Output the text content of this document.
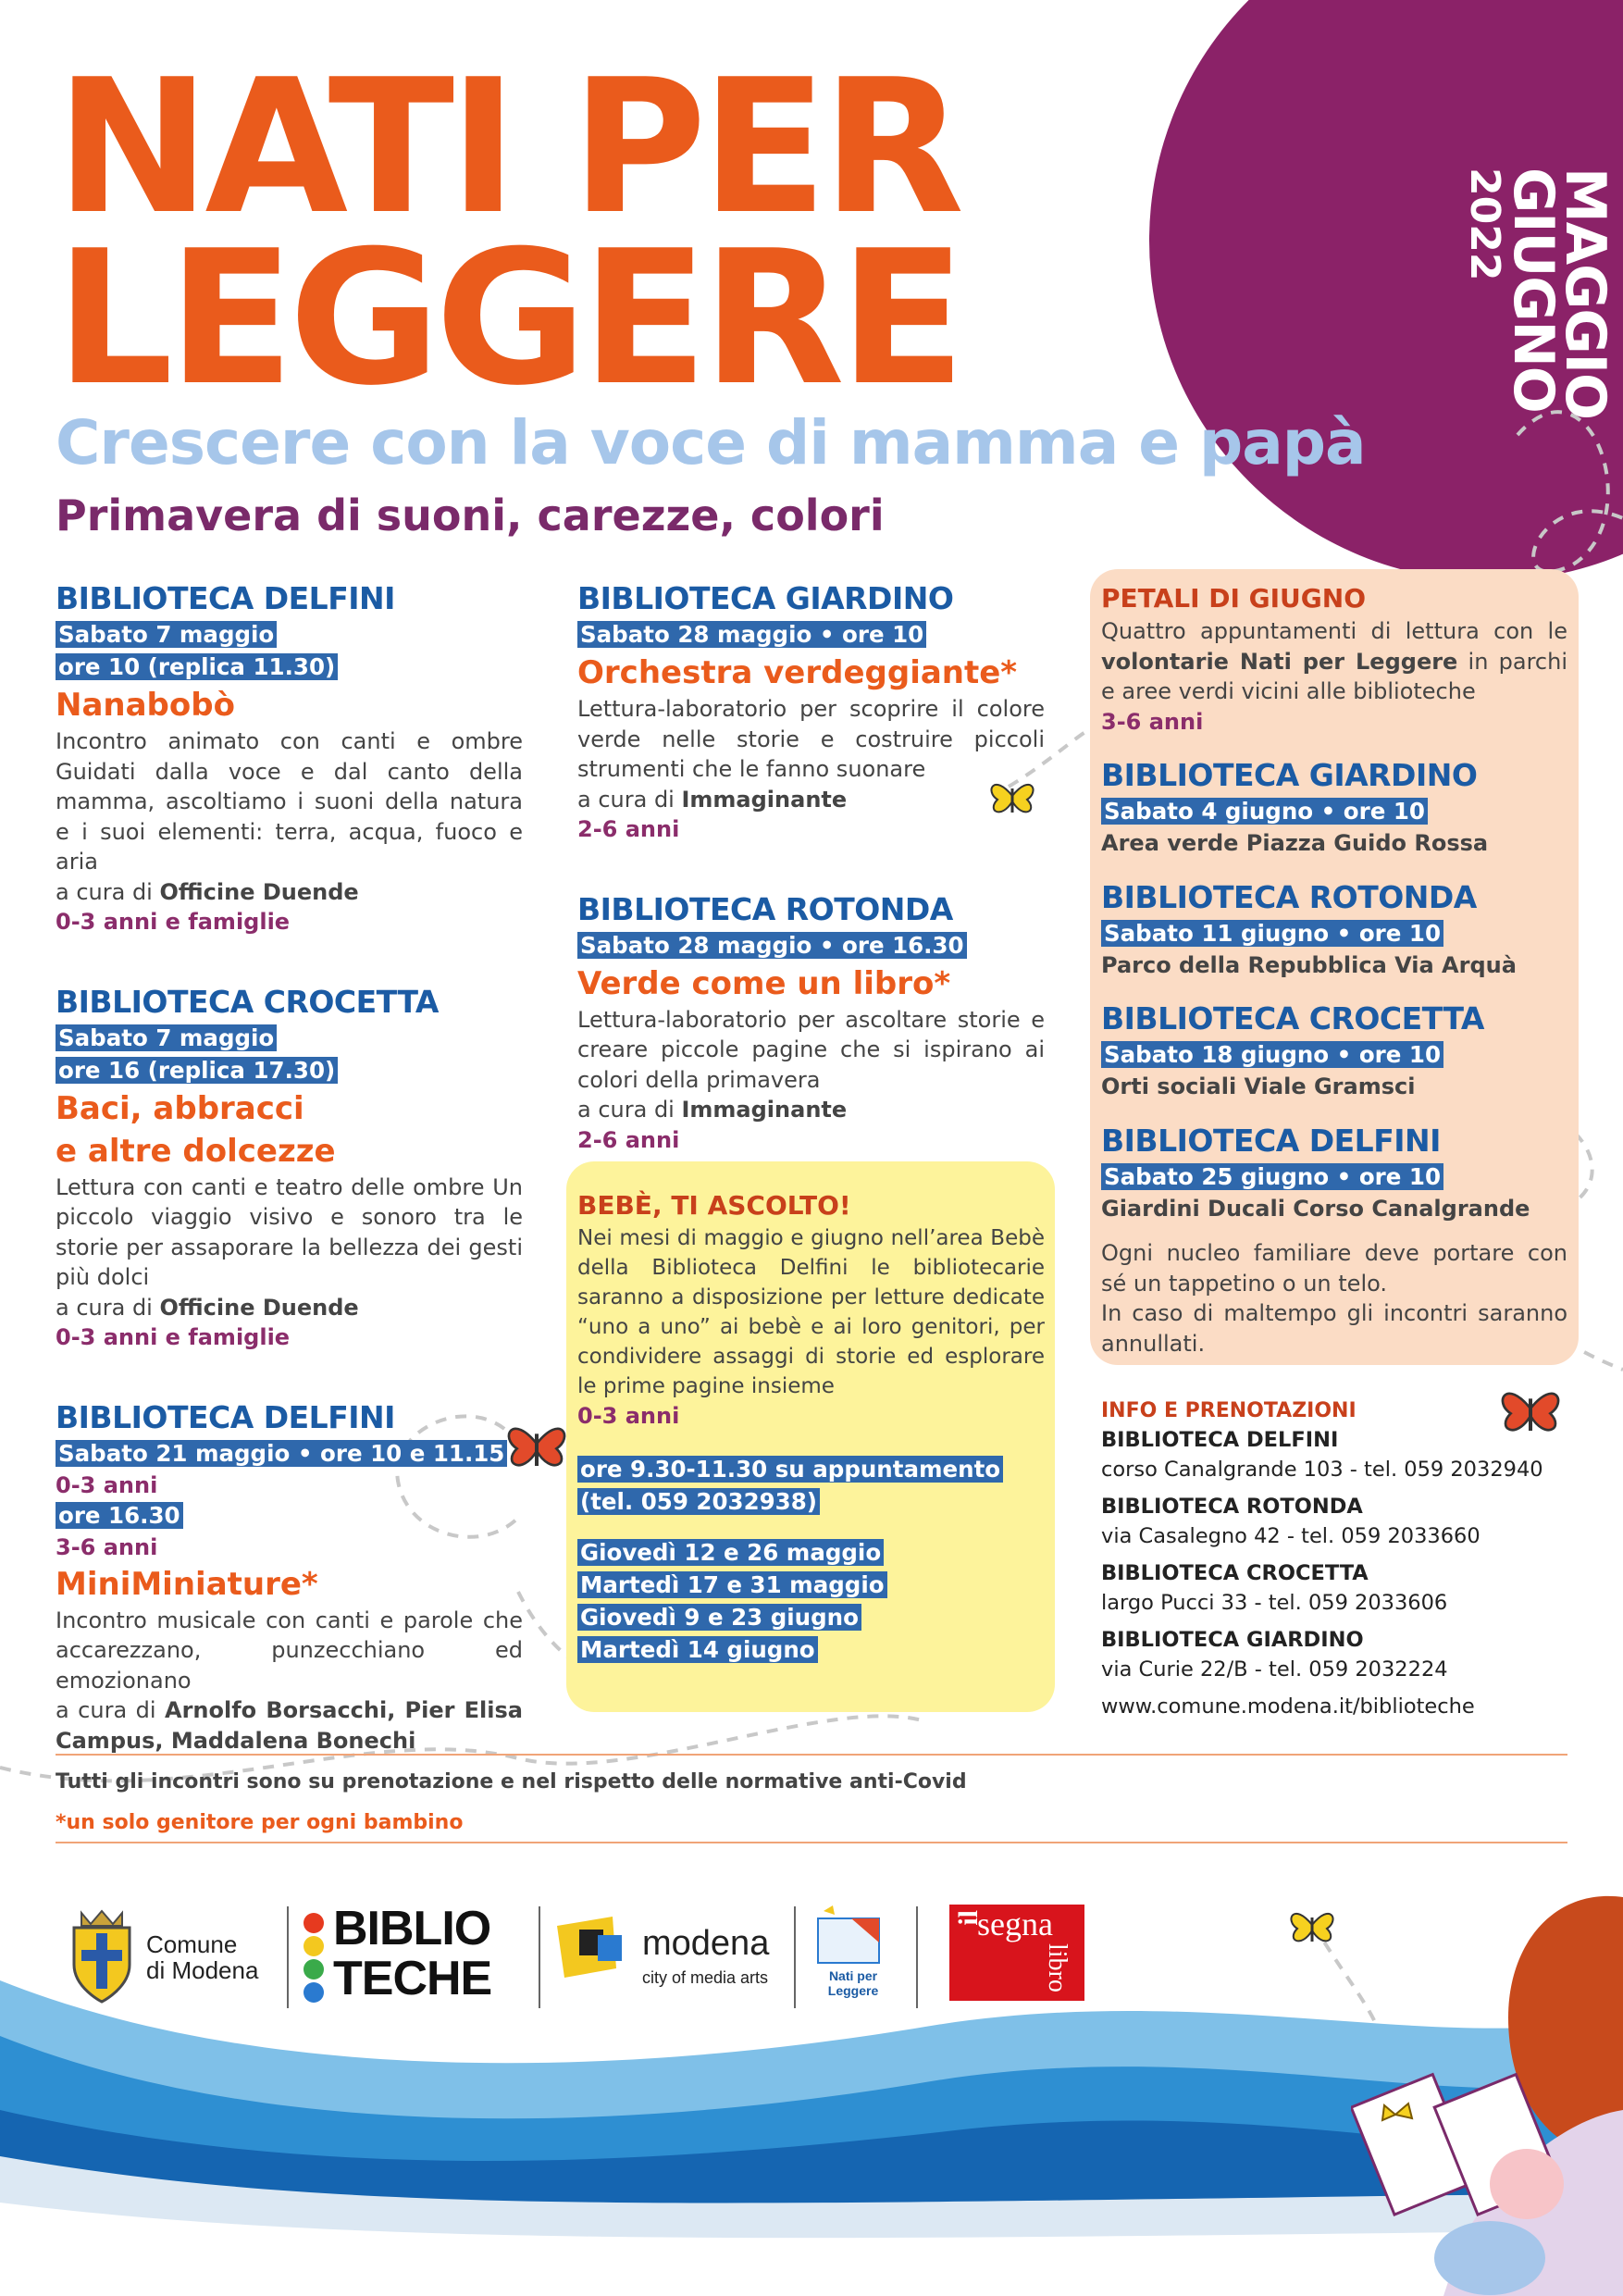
MAGGIO
GIUGNO
2022
NATI PER
LEGGERE
Crescere con la voce di mamma e papà
Primavera di suoni, carezze, colori
BIBLIOTECA DELFINI
Sabato 7 maggio
ore 10 (replica 11.30)
Nanabobò
Incontro animato con canti e ombre Guidati dalla voce e dal canto della mamma, ascoltiamo i suoni della natura e i suoi elementi: terra, acqua, fuoco e aria
a cura di Officine Duende
0-3 anni e famiglie
BIBLIOTECA CROCETTA
Sabato 7 maggio
ore 16 (replica 17.30)
Baci, abbracci
e altre dolcezze
Lettura con canti e teatro delle ombre Un piccolo viaggio visivo e sonoro tra le storie per assaporare la bellezza dei gesti più dolci
a cura di Officine Duende
0-3 anni e famiglie
BIBLIOTECA DELFINI
Sabato 21 maggio • ore 10 e 11.15
0-3 anni
ore 16.30
3-6 anni
MiniMiniature*
Incontro musicale con canti e parole che accarezzano, punzecchiano ed emozionano
a cura di Arnolfo Borsacchi, Pier Elisa Campus, Maddalena Bonechi
BIBLIOTECA GIARDINO
Sabato 28 maggio • ore 10
Orchestra verdeggiante*
Lettura-laboratorio per scoprire il colore verde nelle storie e costruire piccoli strumenti che le fanno suonare
a cura di Immaginante
2-6 anni
BIBLIOTECA ROTONDA
Sabato 28 maggio • ore 16.30
Verde come un libro*
Lettura-laboratorio per ascoltare storie e creare piccole pagine che si ispirano ai colori della primavera
a cura di Immaginante
2-6 anni
BEBÈ, TI ASCOLTO!
Nei mesi di maggio e giugno nell’area Bebè della Biblioteca Delfini le bibliotecarie saranno a disposizione per letture dedicate “uno a uno” ai bebè e ai loro genitori, per condividere assaggi di storie ed esplorare le prime pagine insieme
0-3 anni
ore 9.30-11.30 su appuntamento
(tel. 059 2032938)
Giovedì 12 e 26 maggio
Martedì 17 e 31 maggio
Giovedì 9 e 23 giugno
Martedì 14 giugno
PETALI DI GIUGNO
Quattro appuntamenti di lettura con le volontarie Nati per Leggere in parchi e aree verdi vicini alle biblioteche
3-6 anni
BIBLIOTECA GIARDINO
Sabato 4 giugno • ore 10
Area verde Piazza Guido Rossa
BIBLIOTECA ROTONDA
Sabato 11 giugno • ore 10
Parco della Repubblica Via Arquà
BIBLIOTECA CROCETTA
Sabato 18 giugno • ore 10
Orti sociali Viale Gramsci
BIBLIOTECA DELFINI
Sabato 25 giugno • ore 10
Giardini Ducali Corso Canalgrande
Ogni nucleo familiare deve portare con sé un tappetino o un telo.
In caso di maltempo gli incontri saranno annullati.
INFO E PRENOTAZIONI
BIBLIOTECA DELFINI
corso Canalgrande 103 - tel. 059 2032940
BIBLIOTECA ROTONDA
via Casalegno 42 - tel. 059 2033660
BIBLIOTECA CROCETTA
largo Pucci 33 - tel. 059 2033606
BIBLIOTECA GIARDINO
via Curie 22/B - tel. 059 2032224
www.comune.modena.it/biblioteche
Tutti gli incontri sono su prenotazione e nel rispetto delle normative anti-Covid
*un solo genitore per ogni bambino
Comune
di Modena
BIBLIO
TECHE
modena
city of media arts	Nati per
Leggere
il
segna
libro
